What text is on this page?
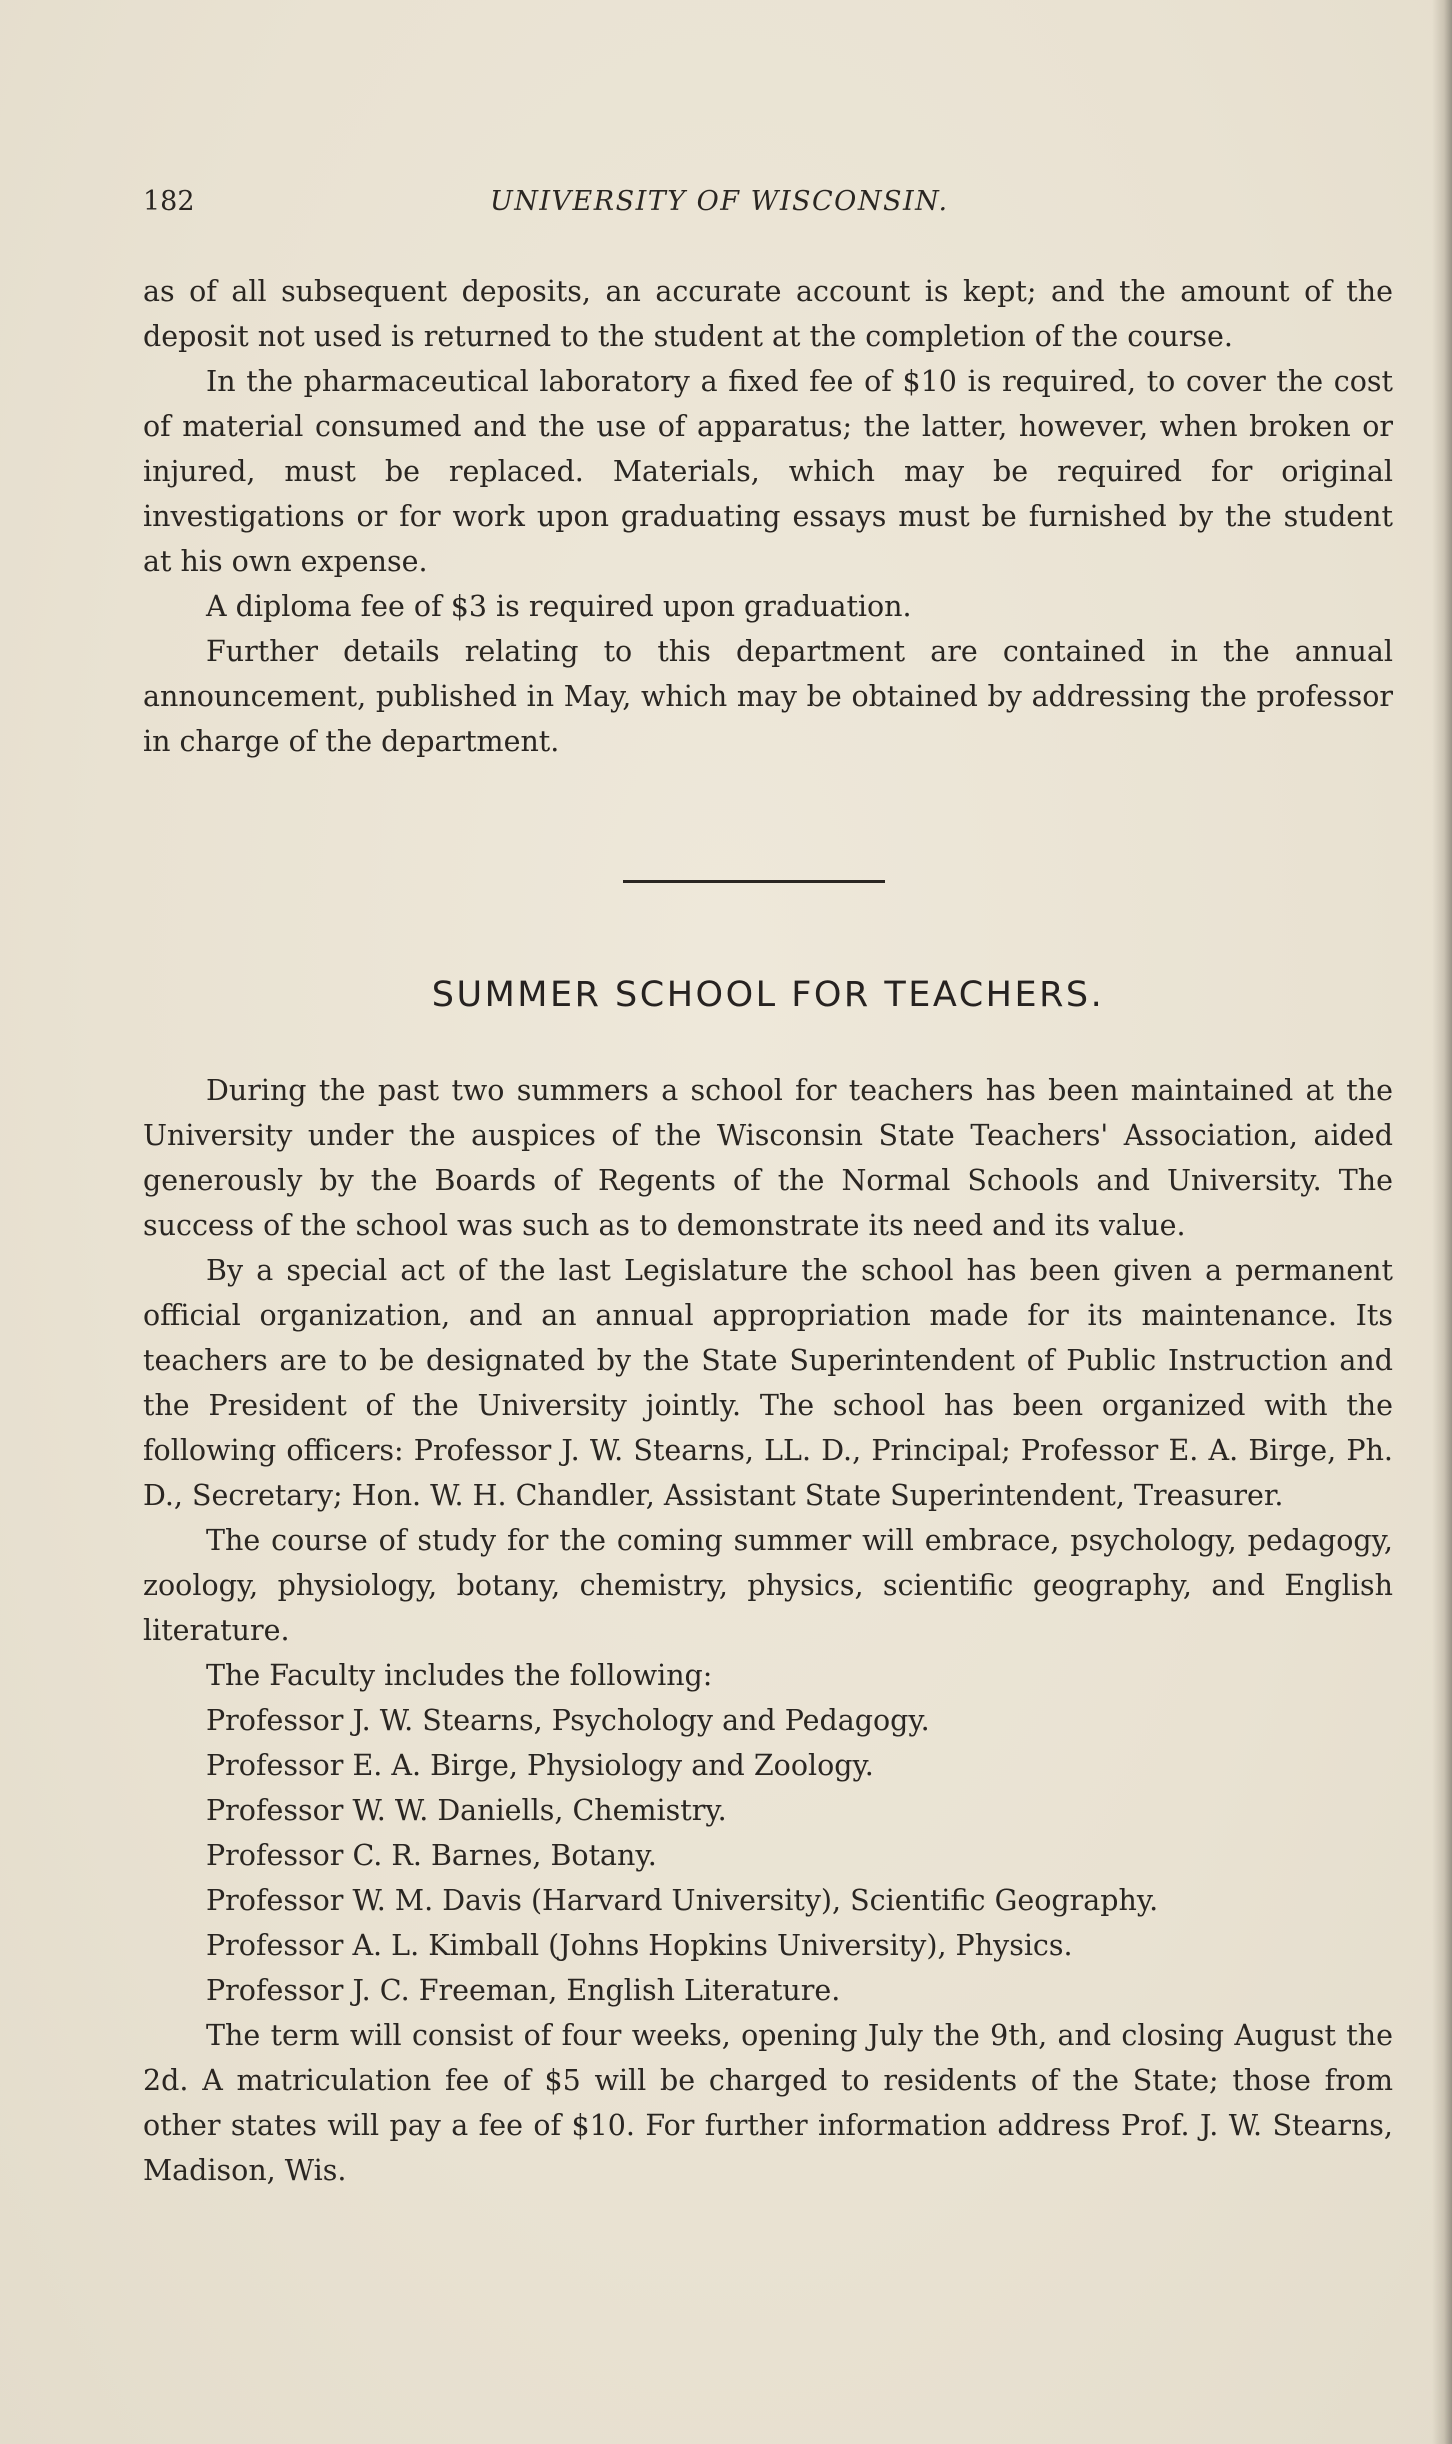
182	UNIVERSITY OF WISCONSIN.

as of all subsequent deposits, an accurate account is kept; and the amount of the deposit not used is returned to the student at the completion of the course.

In the pharmaceutical laboratory a fixed fee of $10 is required, to cover the cost of material consumed and the use of apparatus; the latter, however, when broken or injured, must be replaced. Materials, which may be required for original investigations or for work upon graduating essays must be furnished by the student at his own expense.

A diploma fee of $3 is required upon graduation.

Further details relating to this department are contained in the annual announcement, published in May, which may be obtained by addressing the professor in charge of the department.

SUMMER SCHOOL FOR TEACHERS.

During the past two summers a school for teachers has been maintained at the University under the auspices of the Wisconsin State Teachers' Association, aided generously by the Boards of Regents of the Normal Schools and University. The success of the school was such as to demonstrate its need and its value.

By a special act of the last Legislature the school has been given a permanent official organization, and an annual appropriation made for its maintenance. Its teachers are to be designated by the State Superintendent of Public Instruction and the President of the University jointly. The school has been organized with the following officers: Professor J. W. Stearns, LL. D., Principal; Professor E. A. Birge, Ph. D., Secretary; Hon. W. H. Chandler, Assistant State Superintendent, Treasurer.

The course of study for the coming summer will embrace, psychology, pedagogy, zoology, physiology, botany, chemistry, physics, scientific geography, and English literature.

The Faculty includes the following:

Professor J. W. Stearns, Psychology and Pedagogy.

Professor E. A. Birge, Physiology and Zoology.

Professor W. W. Daniells, Chemistry.

Professor C. R. Barnes, Botany.

Professor W. M. Davis (Harvard University), Scientific Geography.

Professor A. L. Kimball (Johns Hopkins University), Physics.

Professor J. C. Freeman, English Literature.

The term will consist of four weeks, opening July the 9th, and closing August the 2d. A matriculation fee of $5 will be charged to residents of the State; those from other states will pay a fee of $10. For further information address Prof. J. W. Stearns, Madison, Wis.
